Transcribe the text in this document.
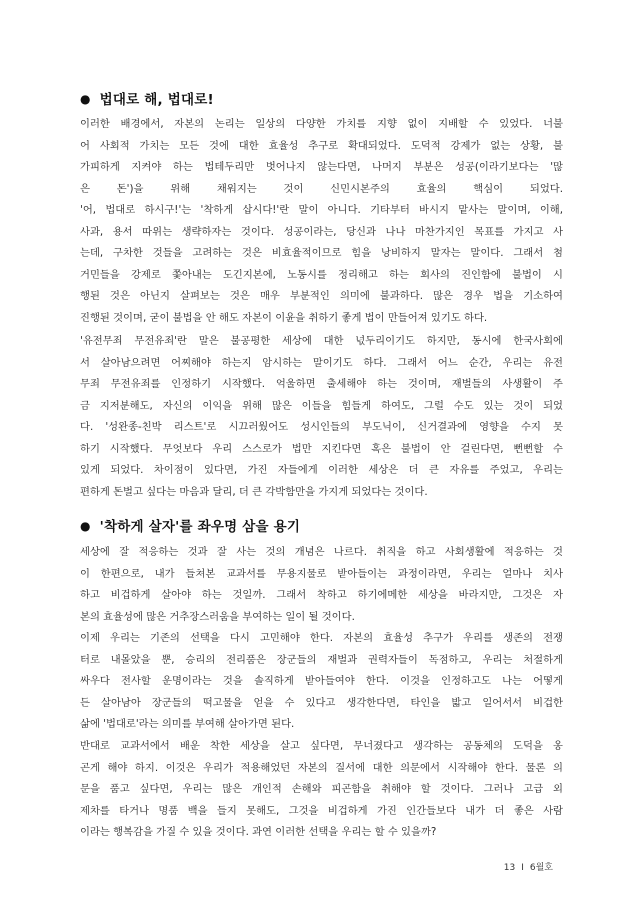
● 법대로 해, 법대로!
이러한 배경에서, 자본의 논리는 일상의 다양한 가치를 지향 없이 지배할 수 있었다. 너불
어 사회적 가치는 모든 것에 대한 효율성 추구로 확대되었다. 도덕적 강제가 없는 상황, 불
가피하게 지켜야 하는 법테두리만 벗어나지 않는다면, 나머지 부분은 성공(이라기보다는 '많
은 돈')을 위해 채워지는 것이 신민시본주의 효율의 핵심이 되었다.
'어, 법대로 하시구!'는 '착하게 삽시다!'란 말이 아니다. 기타부터 바시지 맡사는 말이며, 이해,
사과, 용서 따위는 생략하자는 것이다. 성공이라는, 당신과 나나 마찬가지인 목표를 가지고 사
는데, 구차한 것들을 고려하는 것은 비효율적이므로 힘을 낭비하지 말자는 말이다. 그래서 첨
거민들을 강제로 쫓아내는 도긴지본에, 노동시를 정리해고 하는 회사의 진인함에 불법이 시
행된 것은 아닌지 살펴보는 것은 매우 부분적인 의미에 불과하다. 많은 경우 법을 기소하여
진행된 것이며, 굳이 불법을 안 해도 자본이 이윤을 취하기 좋게 법이 만들어져 있기도 하다.
'유전무죄 무전유죄'란 말은 불공평한 세상에 대한 넋두리이기도 하지만, 동시에 한국사회에
서 살아남으려면 어찌해야 하는지 암시하는 말이기도 하다. 그래서 어느 순간, 우리는 유전
무죄 무전유죄를 인정하기 시작했다. 억울하면 출세해야 하는 것이며, 재벌들의 사생활이 주
금 지저분해도, 자신의 이익을 위해 많은 이들을 힘들게 하여도, 그럴 수도 있는 것이 되었
다. '성완종-친박 리스트'로 시끄러웠어도 성시인들의 부도닉이, 신거결과에 영향을 수지 못
하기 시작했다. 무엇보다 우리 스스로가 법만 지킨다면 혹은 불법이 안 걸린다면, 뻔뻔할 수
있게 되었다. 차이점이 있다면, 가진 자들에게 이러한 세상은 더 큰 자유를 주었고, 우리는
편하게 돈벌고 싶다는 마음과 달리, 더 큰 각박함만을 가지게 되었다는 것이다.
● '착하게 살자'를 좌우명 삼을 용기
세상에 잘 적응하는 것과 잘 사는 것의 개념은 나르다. 취직을 하고 사회생활에 적응하는 것
이 한편으로, 내가 들쳐본 교과서를 무용지물로 받아들이는 과정이라면, 우리는 얼마나 치사
하고 비겁하게 살아야 하는 것일까. 그래서 착하고 하기에메한 세상을 바라지만, 그것은 자
본의 효율성에 많은 거추장스러움을 부여하는 일이 될 것이다.
이제 우리는 기존의 선택을 다시 고민해야 한다. 자본의 효율성 추구가 우리를 생존의 전쟁
터로 내몰았을 뿐, 승리의 전리품은 장군들의 재벌과 권력자들이 독점하고, 우리는 처절하게
싸우다 전사할 운명이라는 것을 솔직하게 받아들여야 한다. 이것을 인정하고도 나는 어떻게
든 살아남아 장군들의 떡고물을 얻을 수 있다고 생각한다면, 타인을 밟고 일어서서 비겁한
삶에 '법대로'라는 의미를 부여해 살아가면 된다.
반대로 교과서에서 배운 착한 세상을 살고 싶다면, 무너졌다고 생각하는 공동체의 도덕을 옹
곤게 해야 하지. 이것은 우리가 적용해었던 자본의 질서에 대한 의문에서 시작해야 한다. 물론 의
문을 품고 싶다면, 우리는 많은 개인적 손해와 피곤함을 취해야 할 것이다. 그러나 고급 외
제차를 타거나 명품 백을 들지 못해도, 그것을 비겁하게 가진 인간들보다 내가 더 좋은 사람
이라는 행복감을 가질 수 있을 것이다. 과연 이러한 선택을 우리는 할 수 있을까?
13 I 6월호
